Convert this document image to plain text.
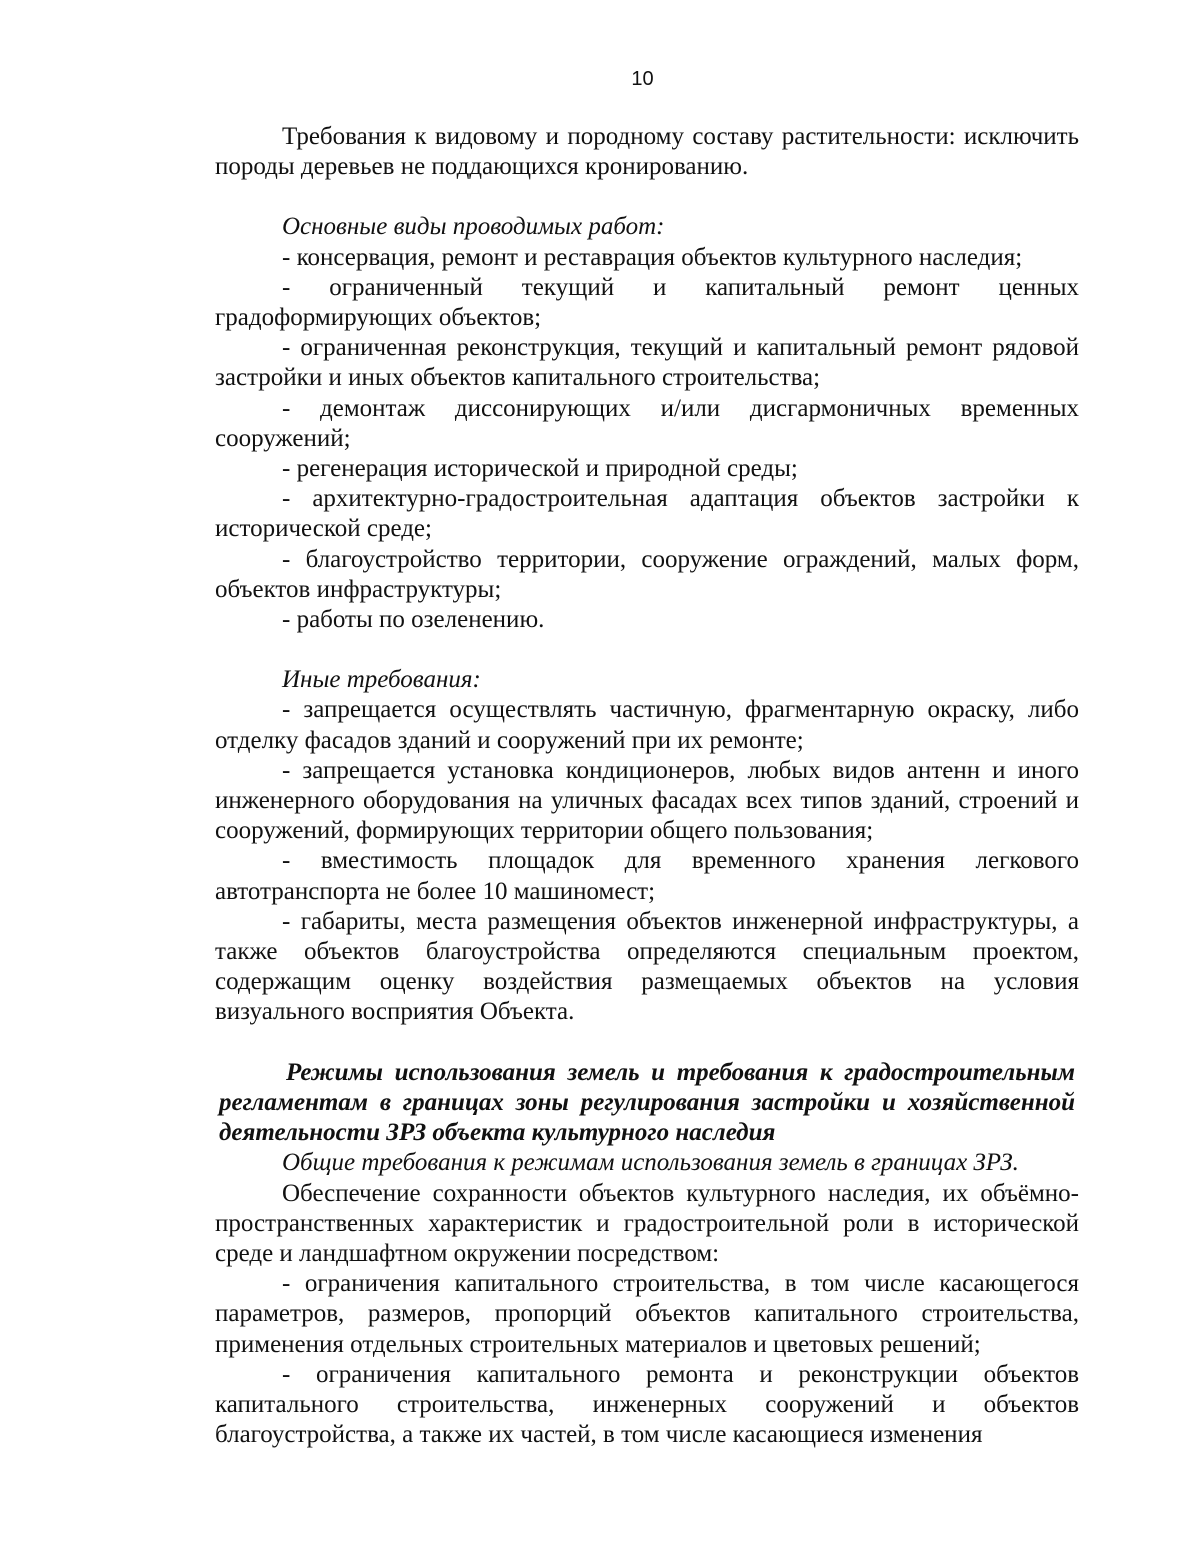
10

Требования к видовому и породному составу растительности: исключить породы деревьев не поддающихся кронированию.

Основные виды проводимых работ:

- консервация, ремонт и реставрация объектов культурного наследия;

- ограниченный текущий и капитальный ремонт ценных градоформирующих объектов;

- ограниченная реконструкция, текущий и капитальный ремонт рядовой застройки и иных объектов капитального строительства;

- демонтаж диссонирующих и/или дисгармоничных временных сооружений;

- регенерация исторической и природной среды;

- архитектурно-градостроительная адаптация объектов застройки к исторической среде;

- благоустройство территории, сооружение ограждений, малых форм, объектов инфраструктуры;

- работы по озеленению.

Иные требования:

- запрещается осуществлять частичную, фрагментарную окраску, либо отделку фасадов зданий и сооружений при их ремонте;

- запрещается установка кондиционеров, любых видов антенн и иного инженерного оборудования на уличных фасадах всех типов зданий, строений и сооружений, формирующих территории общего пользования;

- вместимость площадок для временного хранения легкового автотранспорта не более 10 машиномест;

- габариты, места размещения объектов инженерной инфраструктуры, а также объектов благоустройства определяются специальным проектом, содержащим оценку воздействия размещаемых объектов на условия визуального восприятия Объекта.

Режимы использования земель и требования к градостроительным регламентам в границах зоны регулирования застройки и хозяйственной деятельности ЗРЗ объекта культурного наследия

Общие требования к режимам использования земель в границах ЗРЗ.

Обеспечение сохранности объектов культурного наследия, их объёмно-пространственных характеристик и градостроительной роли в исторической среде и ландшафтном окружении посредством:

- ограничения капитального строительства, в том числе касающегося параметров, размеров, пропорций объектов капитального строительства, применения отдельных строительных материалов и цветовых решений;

- ограничения капитального ремонта и реконструкции объектов капитального строительства, инженерных сооружений и объектов благоустройства, а также их частей, в том числе касающиеся изменения
